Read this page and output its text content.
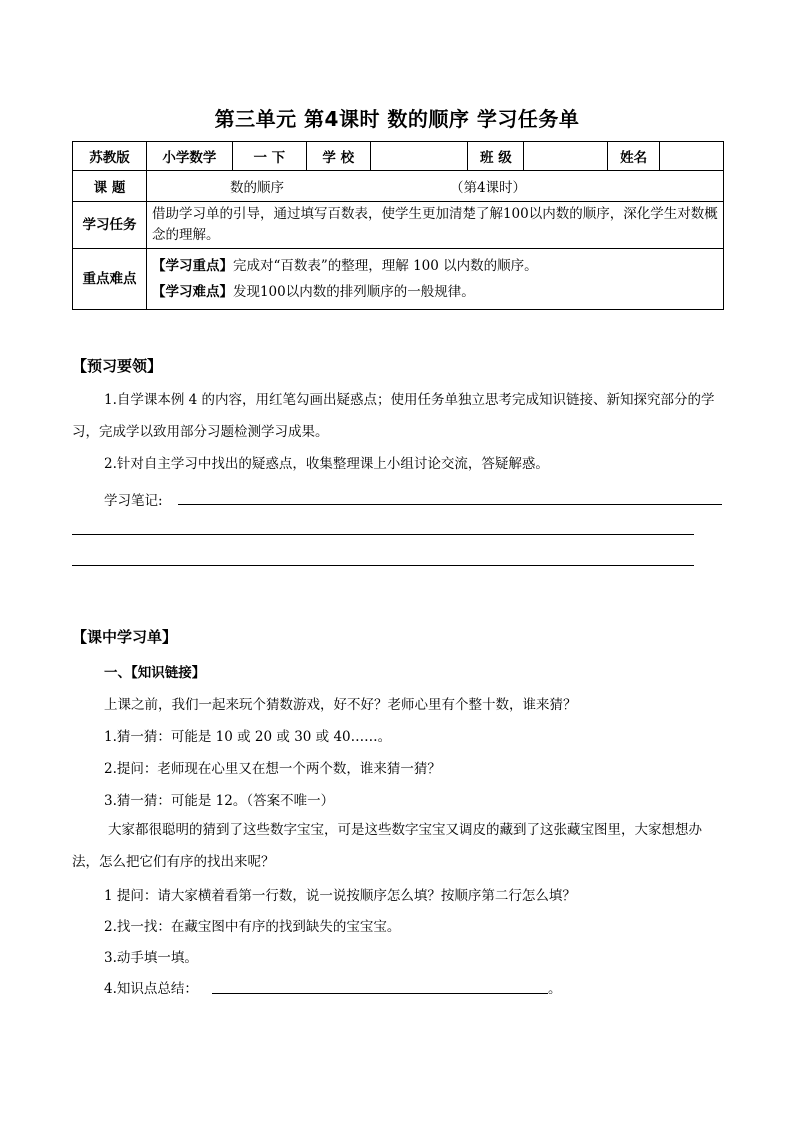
第三单元 第4课时 数的顺序 学习任务单
苏教版	小学数学	一 下	学 校		班 级		姓名	
课 题	数的顺序 （第4课时）							
学习任务	借助学习单的引导，通过填写百数表，使学生更加清楚了解100以内数的顺序，深化学生对数概念的理解。							
重点难点	【学习重点】完成对“百数表”的整理，理解 100 以内数的顺序。
【学习难点】发现100以内数的排列顺序的一般规律。							
【预习要领】
1.自学课本例 4 的内容，用红笔勾画出疑惑点；使用任务单独立思考完成知识链接、新知探究部分的学习，完成学以致用部分习题检测学习成果。
2.针对自主学习中找出的疑惑点，收集整理课上小组讨论交流，答疑解惑。
学习笔记:
【课中学习单】
一、【知识链接】
上课之前，我们一起来玩个猜数游戏，好不好？老师心里有个整十数，谁来猜？
1.猜一猜：可能是 10 或 20 或 30 或 40……。
2.提问：老师现在心里又在想一个两个数，谁来猜一猜？
3.猜一猜：可能是 12。（答案不唯一）
大家都很聪明的猜到了这些数字宝宝，可是这些数字宝宝又调皮的藏到了这张藏宝图里，大家想想办法，怎么把它们有序的找出来呢？
1 提问：请大家横着看第一行数，说一说按顺序怎么填？按顺序第二行怎么填？
2.找一找：在藏宝图中有序的找到缺失的宝宝宝。
3.动手填一填。
4.知识点总结：	。
